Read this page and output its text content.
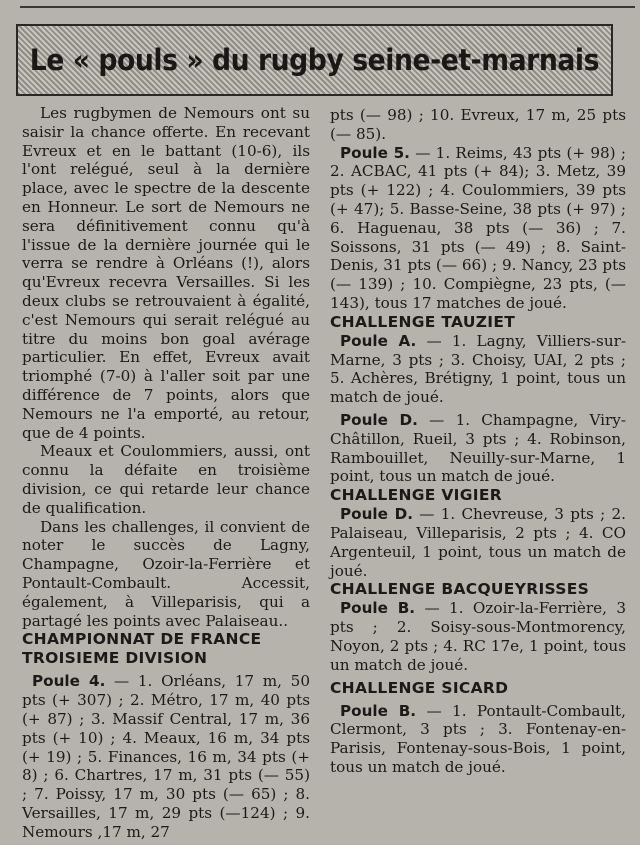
Le « pouls » du rugby seine-et-marnais

Les rugbymen de Nemours ont su saisir la chance offerte. En recevant Evreux et en le battant (10-6), ils l'ont relégué, seul à la dernière place, avec le spectre de la descente en Honneur. Le sort de Nemours ne sera définitivement connu qu'à l'issue de la dernière journée qui le verra se rendre à Orléans (!), alors qu'Evreux recevra Versailles. Si les deux clubs se retrouvaient à égalité, c'est Nemours qui serait relégué au titre du moins bon goal avérage particulier. En effet, Evreux avait triomphé (7-0) à l'aller soit par une différence de 7 points, alors que Nemours ne l'a emporté, au retour, que de 4 points.

Meaux et Coulommiers, aussi, ont connu la défaite en troisième division, ce qui retarde leur chance de qualification.

Dans les challenges, il convient de noter le succès de Lagny, Champagne, Ozoir-la-Ferrière et Pontault-Combault. Accessit, également, à Villeparisis, qui a partagé les points avec Palaiseau..

CHAMPIONNAT DE FRANCE

TROISIEME DIVISION

Poule 4. — 1. Orléans, 17 m, 50 pts (+ 307) ; 2. Métro, 17 m, 40 pts (+ 87) ; 3. Massif Central, 17 m, 36 pts (+ 10) ; 4. Meaux, 16 m, 34 pts (+ 19) ; 5. Finances, 16 m, 34 pts (+ 8) ; 6. Chartres, 17 m, 31 pts (— 55) ; 7. Poissy, 17 m, 30 pts (— 65) ; 8. Versailles, 17 m, 29 pts (—124) ; 9. Nemours ,17 m, 27

pts (— 98) ; 10. Evreux, 17 m, 25 pts (— 85).

Poule 5. — 1. Reims, 43 pts (+ 98) ; 2. ACBAC, 41 pts (+ 84); 3. Metz, 39 pts (+ 122) ; 4. Coulommiers, 39 pts (+ 47); 5. Basse-Seine, 38 pts (+ 97) ; 6. Haguenau, 38 pts (— 36) ; 7. Soissons, 31 pts (— 49) ; 8. Saint-Denis, 31 pts (— 66) ; 9. Nancy, 23 pts (— 139) ; 10. Compiègne, 23 pts, (— 143), tous 17 matches de joué.

CHALLENGE TAUZIET

Poule A. — 1. Lagny, Villiers-sur-Marne, 3 pts ; 3. Choisy, UAI, 2 pts ; 5. Achères, Brétigny, 1 point, tous un match de joué.

Poule D. — 1. Champagne, Viry-Châtillon, Rueil, 3 pts ; 4. Robinson, Rambouillet, Neuilly-sur-Marne, 1 point, tous un match de joué.

CHALLENGE VIGIER

Poule D. — 1. Chevreuse, 3 pts ; 2. Palaiseau, Villeparisis, 2 pts ; 4. CO Argenteuil, 1 point, tous un match de joué.

CHALLENGE BACQUEYRISSES

Poule B. — 1. Ozoir-la-Ferrière, 3 pts ; 2. Soisy-sous-Montmorency, Noyon, 2 pts ; 4. RC 17e, 1 point, tous un match de joué.

CHALLENGE SICARD

Poule B. — 1. Pontault-Combault, Clermont, 3 pts ; 3. Fontenay-en-Parisis, Fontenay-sous-Bois, 1 point, tous un match de joué.
